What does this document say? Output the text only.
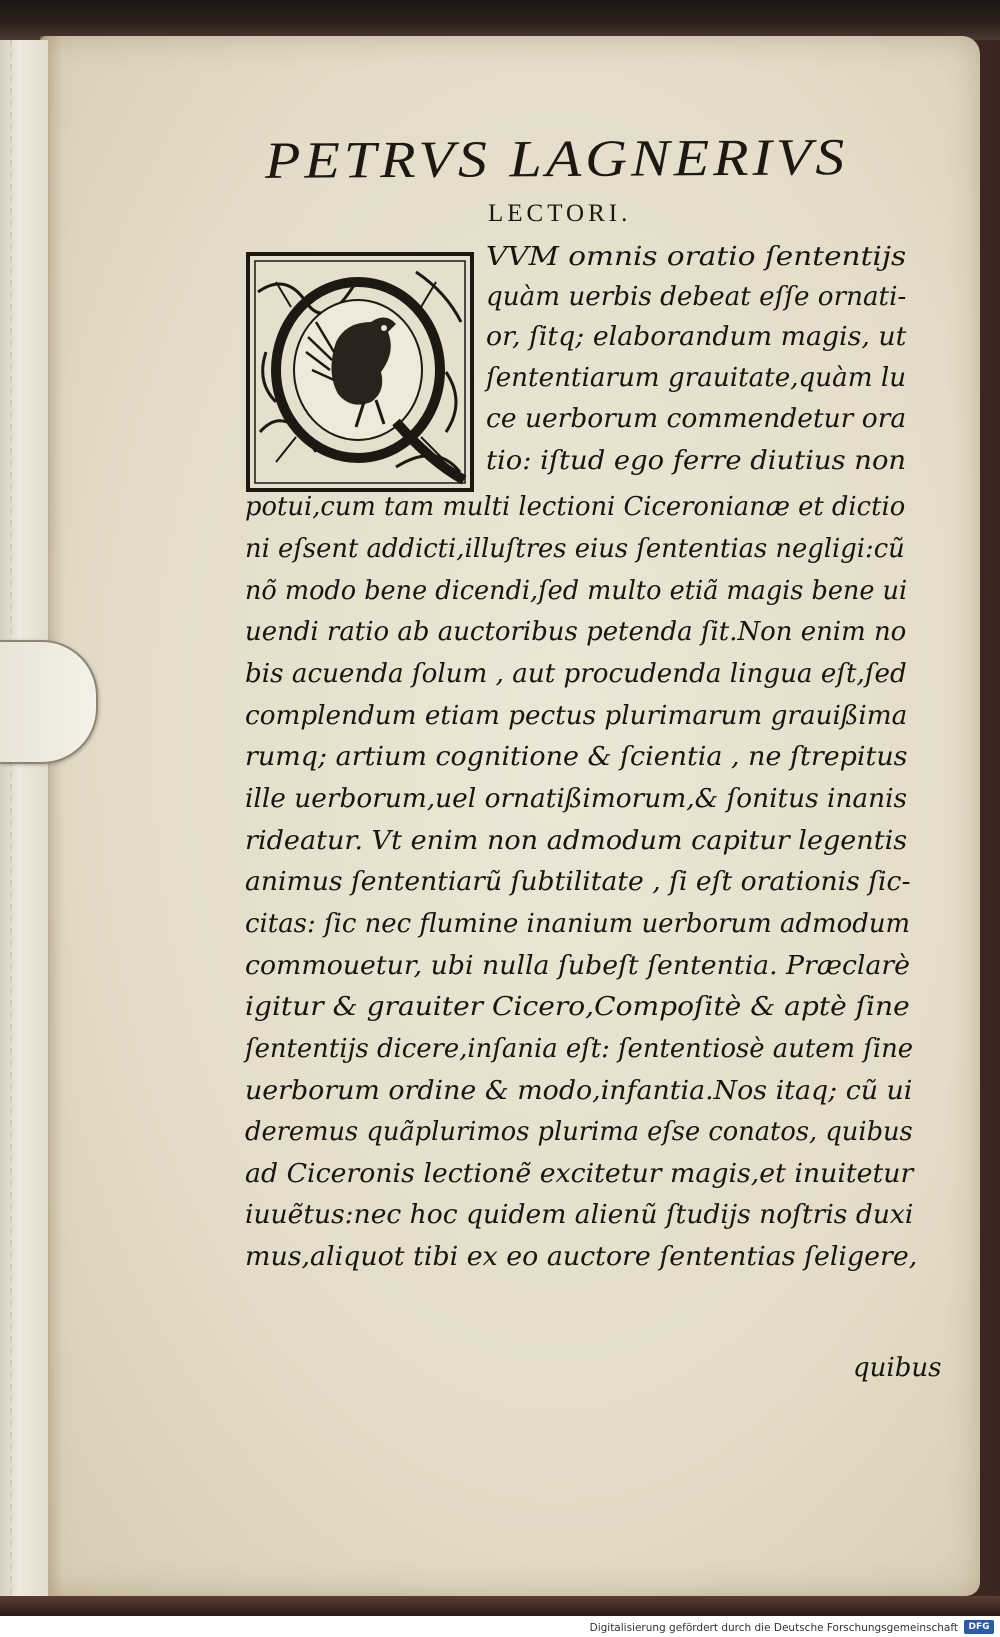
PETRVS LAGNERIVS
LECTORI.
VVM omnis oratio ſententijs
quàm uerbis debeat eſſe ornati-
or, ſitq; elaborandum magis, ut
ſententiarum grauitate,quàm lu
ce uerborum commendetur ora
tio: iſtud ego ferre diutius non
potui,cum tam multi lectioni Ciceronianæ et dictio
ni eſsent addicti,illuſtres eius ſententias negligi:cũ
nõ modo bene dicendi,ſed multo etiã magis bene ui
uendi ratio ab auctoribus petenda ſit.Non enim no
bis acuenda ſolum , aut procudenda lingua eſt,ſed
complendum etiam pectus plurimarum grauißima
rumq; artium cognitione & ſcientia , ne ſtrepitus
ille uerborum,uel ornatißimorum,& ſonitus inanis
rideatur. Vt enim non admodum capitur legentis
animus ſententiarũ ſubtilitate , ſi eſt orationis ſic-
citas: ſic nec flumine inanium uerborum admodum
commouetur, ubi nulla ſubeſt ſententia. Præclarè
igitur & grauiter Cicero,Compoſitè & aptè ſine
ſententijs dicere,inſania eſt: ſententiosè autem ſine
uerborum ordine & modo,infantia.Nos itaq; cũ ui
deremus quãplurimos plurima eſse conatos, quibus
ad Ciceronis lectionẽ excitetur magis,et inuitetur
iuuẽtus:nec hoc quidem alienũ ſtudijs noſtris duxi
mus,aliquot tibi ex eo auctore ſententias ſeligere,
quibus
Digitalisierung gefördert durch die Deutsche Forschungsgemeinschaft	DFG
